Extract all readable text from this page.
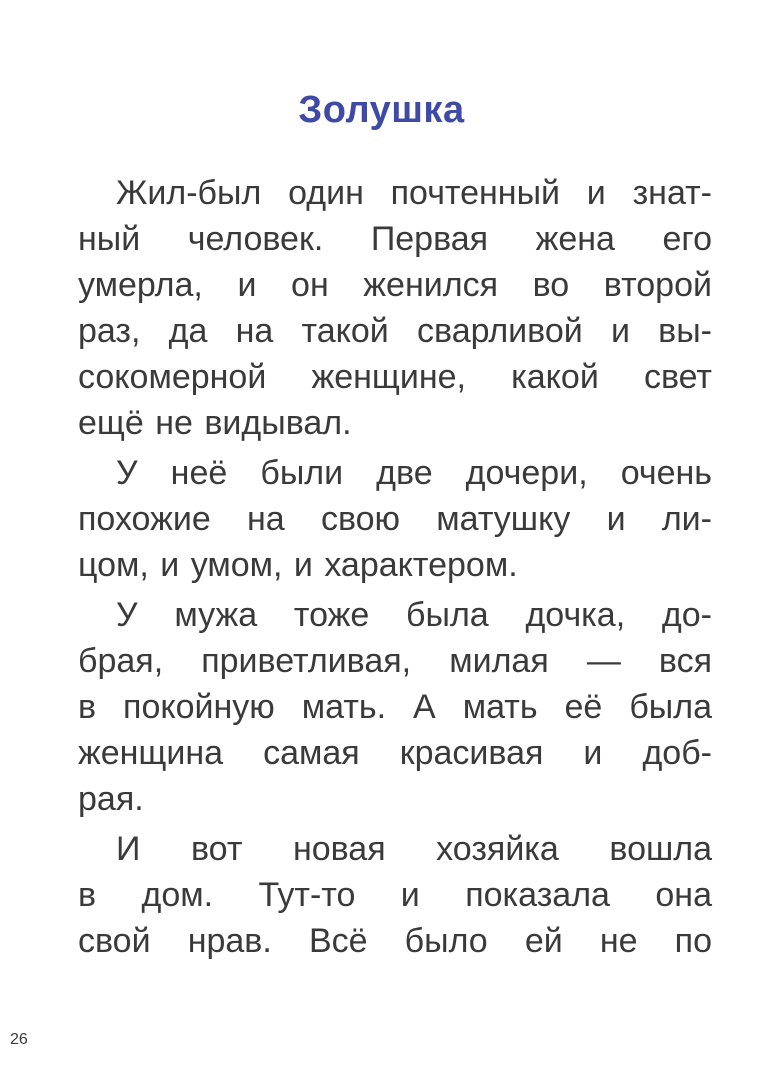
Золушка
Жил-был один почтенный и знат-
ный человек. Первая жена его
умерла, и он женился во второй
раз, да на такой сварливой и вы-
сокомерной женщине, какой свет
ещё не видывал.
У неё были две дочери, очень
похожие на свою матушку и ли-
цом, и умом, и характером.
У мужа тоже была дочка, до-
брая, приветливая, милая — вся
в покойную мать. А мать её была
женщина самая красивая и доб-
рая.
И вот новая хозяйка вошла
в дом. Тут-то и показала она
свой нрав. Всё было ей не по
26
